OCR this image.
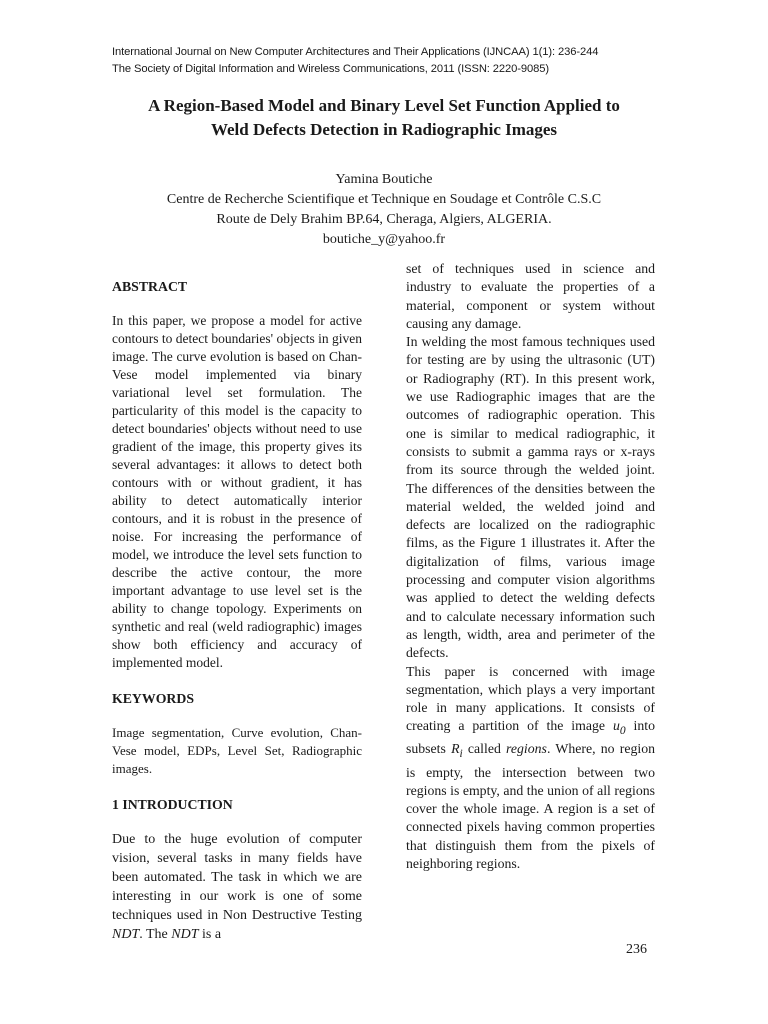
International Journal on New Computer Architectures and Their Applications (IJNCAA) 1(1): 236-244
The Society of Digital Information and Wireless Communications, 2011 (ISSN: 2220-9085)
A Region-Based Model and Binary Level Set Function Applied to
Weld Defects Detection in Radiographic Images
Yamina Boutiche
Centre de Recherche Scientifique et Technique en Soudage et Contrôle C.S.C
Route de Dely Brahim BP.64, Cheraga, Algiers, ALGERIA.
boutiche_y@yahoo.fr
ABSTRACT

In this paper, we propose a model for active contours to detect boundaries' objects in given image. The curve evolution is based on Chan-Vese model implemented via binary variational level set formulation. The particularity of this model is the capacity to detect boundaries' objects without need to use gradient of the image, this property gives its several advantages: it allows to detect both contours with or without gradient, it has ability to detect automatically interior contours, and it is robust in the presence of noise. For increasing the performance of model, we introduce the level sets function to describe the active contour, the more important advantage to use level set is the ability to change topology. Experiments on synthetic and real (weld radiographic) images show both efficiency and accuracy of implemented model.

KEYWORDS

Image segmentation, Curve evolution, Chan-Vese model, EDPs, Level Set, Radiographic images.

1 INTRODUCTION

Due to the huge evolution of computer vision, several tasks in many fields have been automated. The task in which we are interesting in our work is one of some techniques used in Non Destructive Testing NDT. The NDT is a

set of techniques used in science and industry to evaluate the properties of a material, component or system without causing any damage.

In welding the most famous techniques used for testing are by using the ultrasonic (UT) or Radiography (RT). In this present work, we use Radiographic images that are the outcomes of radiographic operation. This one is similar to medical radiographic, it consists to submit a gamma rays or x-rays from its source through the welded joint. The differences of the densities between the material welded, the welded joind and defects are localized on the radiographic films, as the Figure 1 illustrates it. After the digitalization of films, various image processing and computer vision algorithms was applied to detect the welding defects and to calculate necessary information such as length, width, area and perimeter of the defects.

This paper is concerned with image segmentation, which plays a very important role in many applications. It consists of creating a partition of the image $u_0$ into subsets $R_i$ called regions. Where, no region is empty, the intersection between two regions is empty, and the union of all regions cover the whole image. A region is a set of connected pixels having common properties that distinguish them from the pixels of neighboring regions.

236
